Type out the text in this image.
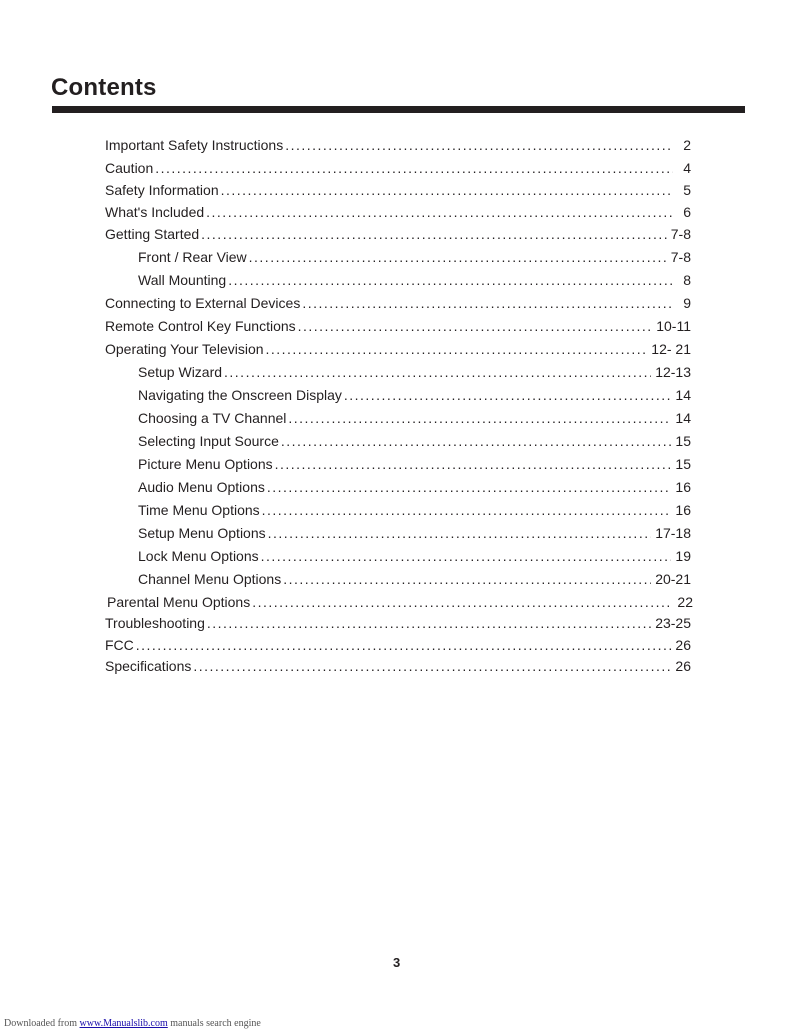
Contents
Important Safety Instructions . . .	2
Caution . . .	4
Safety Information . . .	5
What's Included . . .	6
Getting Started . . .	7-8
Front / Rear View . . .	7-8
Wall Mounting . . .	8
Connecting to External Devices . . .	9
Remote Control Key Functions . . .	10-11
Operating Your Television . . .	12- 21
Setup Wizard . . .	12-13
Navigating the Onscreen Display . . .	14
Choosing a TV Channel . . .	14
Selecting Input Source . . .	15
Picture Menu Options . . .	15
Audio Menu Options . . .	16
Time Menu Options . . .	16
Setup Menu Options . . .	17-18
Lock Menu Options . . .	19
Channel Menu Options . . .	20-21
Parental Menu Options . . .	22
Troubleshooting . . .	23-25
FCC . . .	26
Specifications . . .	26
3
Downloaded from www.Manualslib.com manuals search engine
